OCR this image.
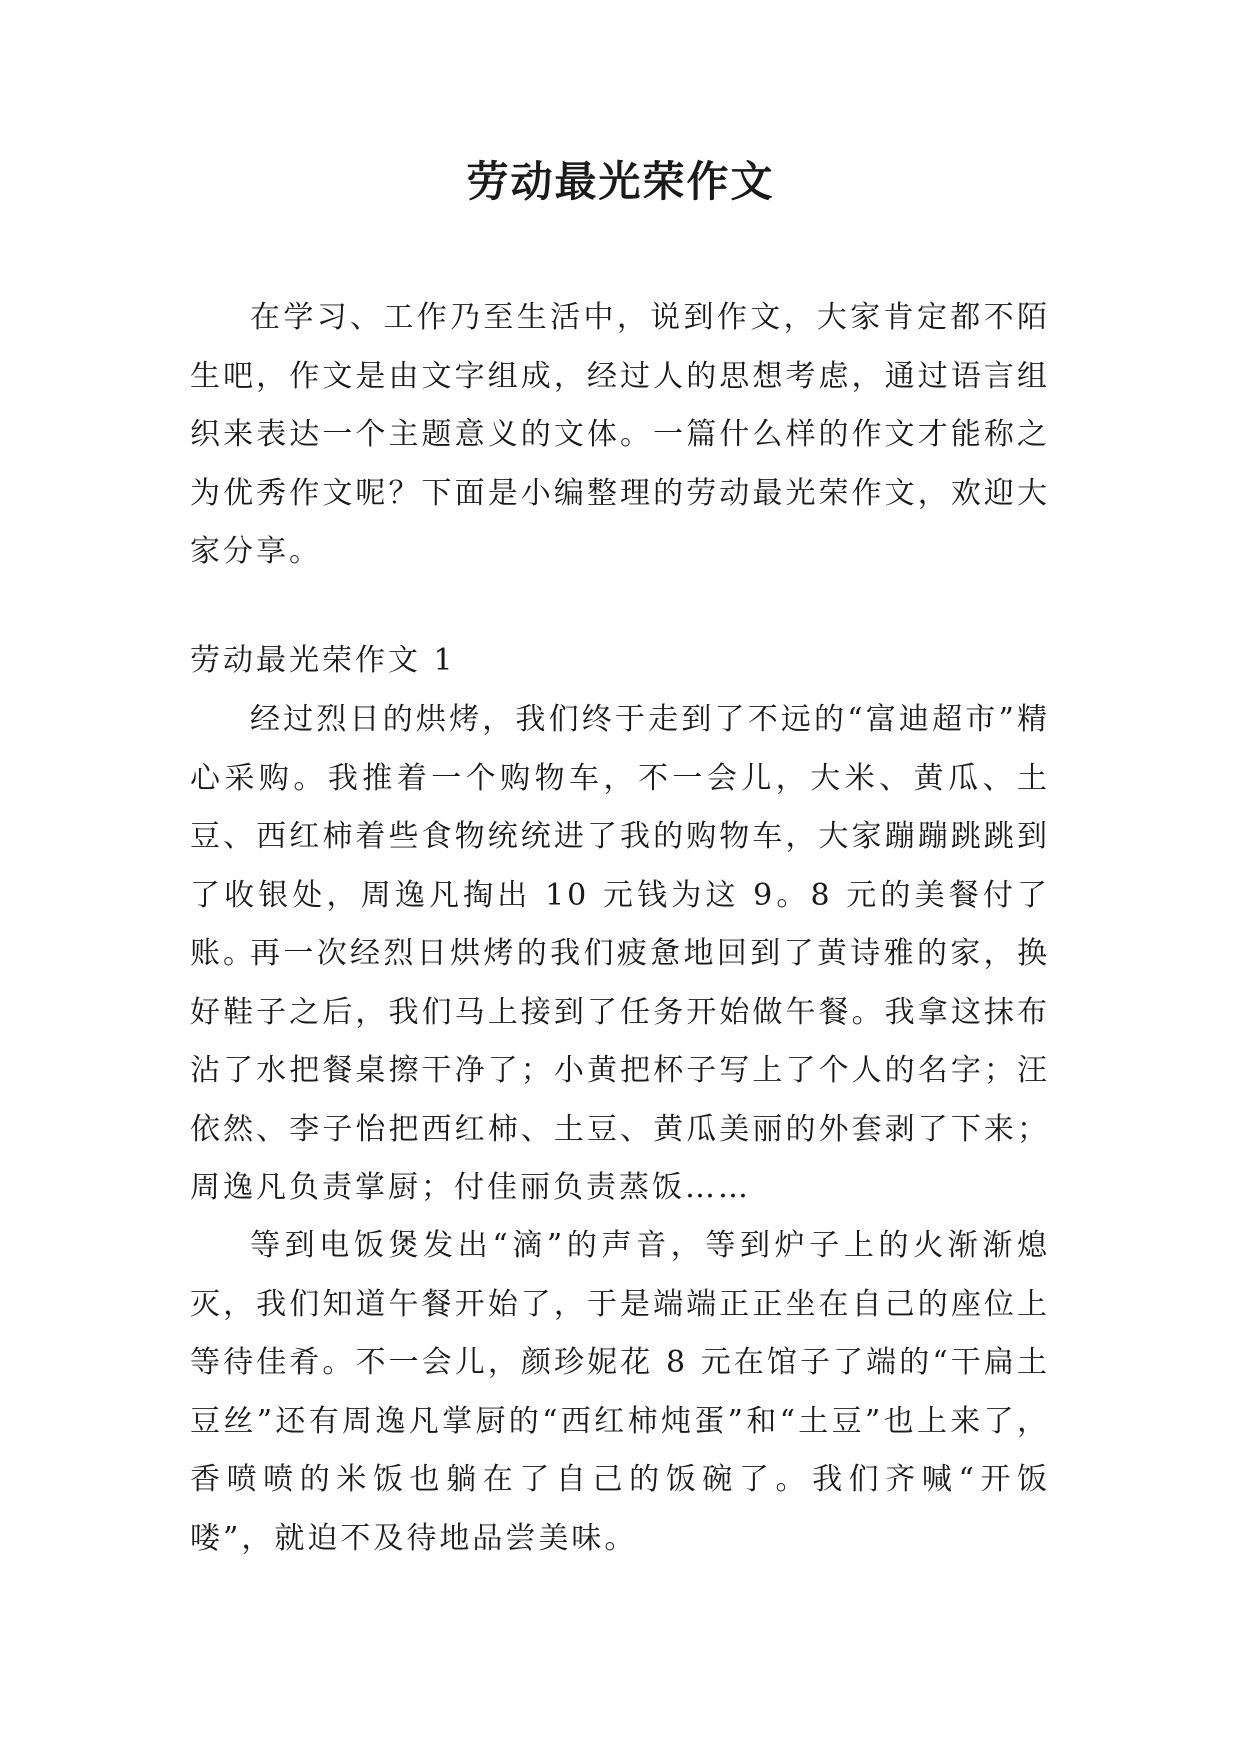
劳动最光荣作文

在学习、工作乃至生活中，说到作文，大家肯定都不陌生吧，作文是由文字组成，经过人的思想考虑，通过语言组织来表达一个主题意义的文体。一篇什么样的作文才能称之为优秀作文呢？下面是小编整理的劳动最光荣作文，欢迎大家分享。

劳动最光荣作文 1

经过烈日的烘烤，我们终于走到了不远的“富迪超市”精心采购。我推着一个购物车，不一会儿，大米、黄瓜、土豆、西红柿着些食物统统进了我的购物车，大家蹦蹦跳跳到了收银处，周逸凡掏出 10 元钱为这 9。8 元的美餐付了账。

再一次经烈日烘烤的我们疲惫地回到了黄诗雅的家，换好鞋子之后，我们马上接到了任务开始做午餐。我拿这抹布沾了水把餐桌擦干净了；小黄把杯子写上了个人的名字；汪依然、李子怡把西红柿、土豆、黄瓜美丽的外套剥了下来；周逸凡负责掌厨；付佳丽负责蒸饭……

等到电饭煲发出“滴”的声音，等到炉子上的火渐渐熄灭，我们知道午餐开始了，于是端端正正坐在自己的座位上等待佳肴。不一会儿，颜珍妮花 8 元在馆子了端的“干扁土豆丝”还有周逸凡掌厨的“西红柿炖蛋”和“土豆”也上来了，香喷喷的米饭也躺在了自己的饭碗了。我们齐喊“开饭喽”，就迫不及待地品尝美味。
